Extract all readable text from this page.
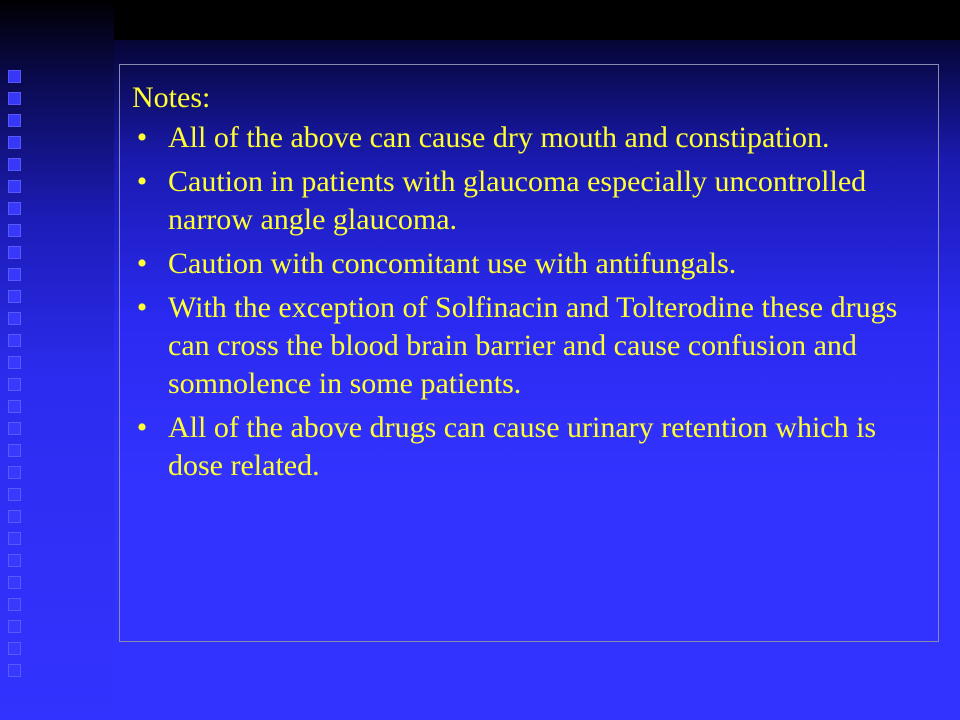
Notes:
• All of the above can cause dry mouth and constipation.
• Caution in patients with glaucoma especially uncontrolled narrow angle glaucoma.
• Caution with concomitant use with antifungals.
• With the exception of Solfinacin and Tolterodine these drugs can cross the blood brain barrier and cause confusion and somnolence in some patients.
• All of the above drugs can cause urinary retention which is dose related.
